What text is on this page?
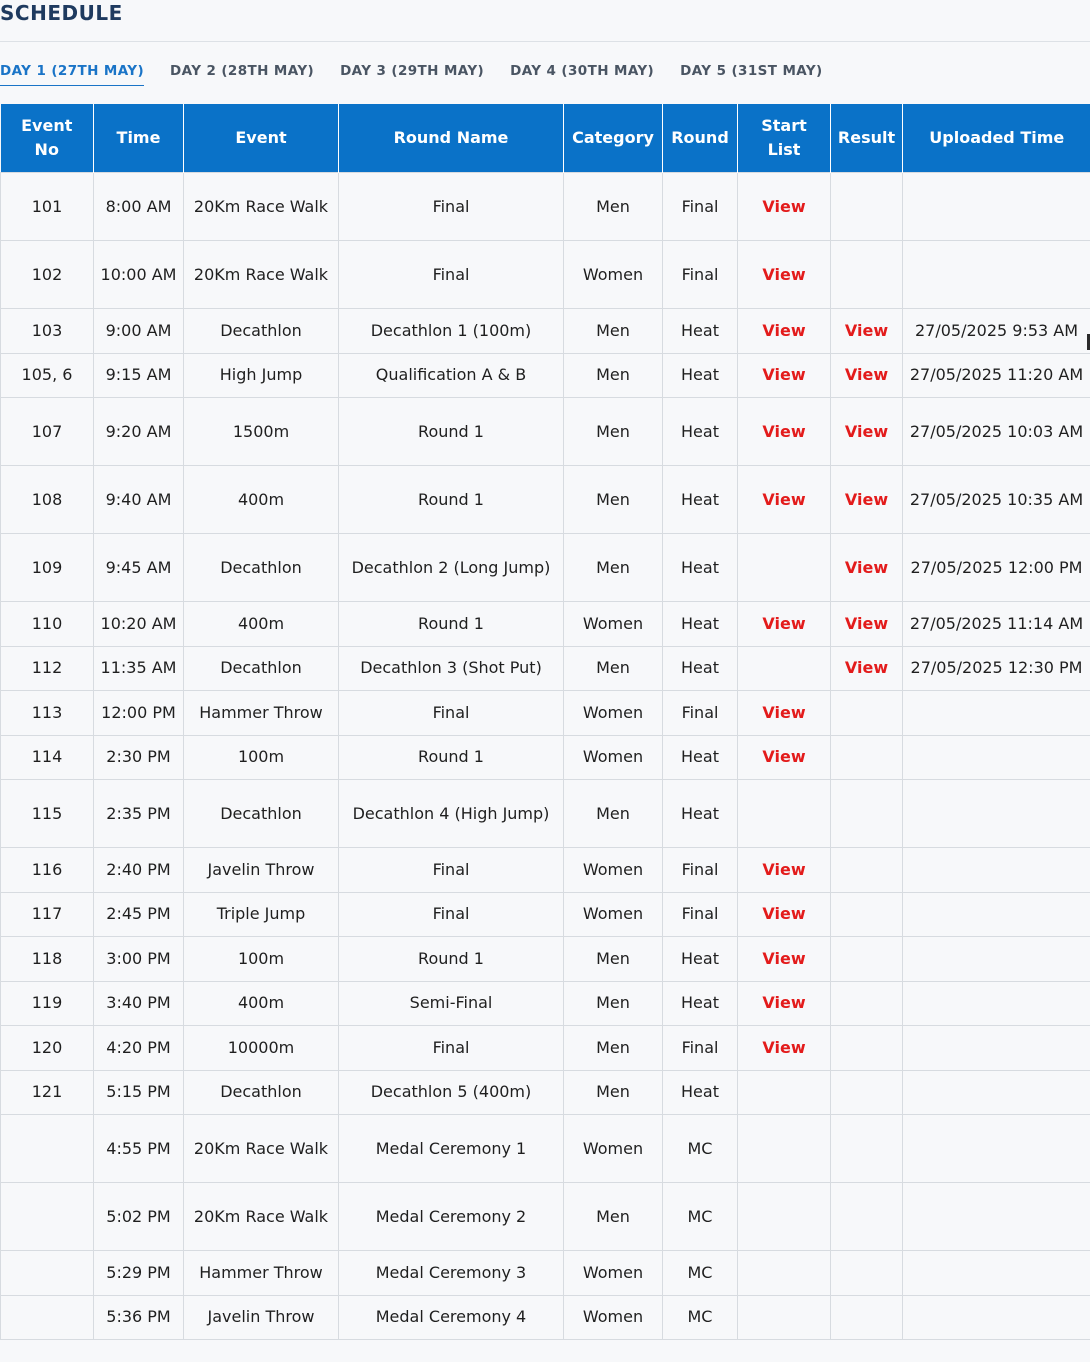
SCHEDULE
DAY 1 (27TH MAY) DAY 2 (28TH MAY) DAY 3 (29TH MAY) DAY 4 (30TH MAY) DAY 5 (31ST MAY)
Event No	Time	Event	Round Name	Category	Round	Start List	Result	Uploaded Time
101	8:00 AM	20Km Race Walk	Final	Men	Final	View		
102	10:00 AM	20Km Race Walk	Final	Women	Final	View		
103	9:00 AM	Decathlon	Decathlon 1 (100m)	Men	Heat	View	View	27/05/2025 9:53 AM
105, 6	9:15 AM	High Jump	Qualification A & B	Men	Heat	View	View	27/05/2025 11:20 AM
107	9:20 AM	1500m	Round 1	Men	Heat	View	View	27/05/2025 10:03 AM
108	9:40 AM	400m	Round 1	Men	Heat	View	View	27/05/2025 10:35 AM
109	9:45 AM	Decathlon	Decathlon 2 (Long Jump)	Men	Heat		View	27/05/2025 12:00 PM
110	10:20 AM	400m	Round 1	Women	Heat	View	View	27/05/2025 11:14 AM
112	11:35 AM	Decathlon	Decathlon 3 (Shot Put)	Men	Heat		View	27/05/2025 12:30 PM
113	12:00 PM	Hammer Throw	Final	Women	Final	View		
114	2:30 PM	100m	Round 1	Women	Heat	View		
115	2:35 PM	Decathlon	Decathlon 4 (High Jump)	Men	Heat			
116	2:40 PM	Javelin Throw	Final	Women	Final	View		
117	2:45 PM	Triple Jump	Final	Women	Final	View		
118	3:00 PM	100m	Round 1	Men	Heat	View		
119	3:40 PM	400m	Semi-Final	Men	Heat	View		
120	4:20 PM	10000m	Final	Men	Final	View		
121	5:15 PM	Decathlon	Decathlon 5 (400m)	Men	Heat			
	4:55 PM	20Km Race Walk	Medal Ceremony 1	Women	MC			
	5:02 PM	20Km Race Walk	Medal Ceremony 2	Men	MC			
	5:29 PM	Hammer Throw	Medal Ceremony 3	Women	MC			
	5:36 PM	Javelin Throw	Medal Ceremony 4	Women	MC			
